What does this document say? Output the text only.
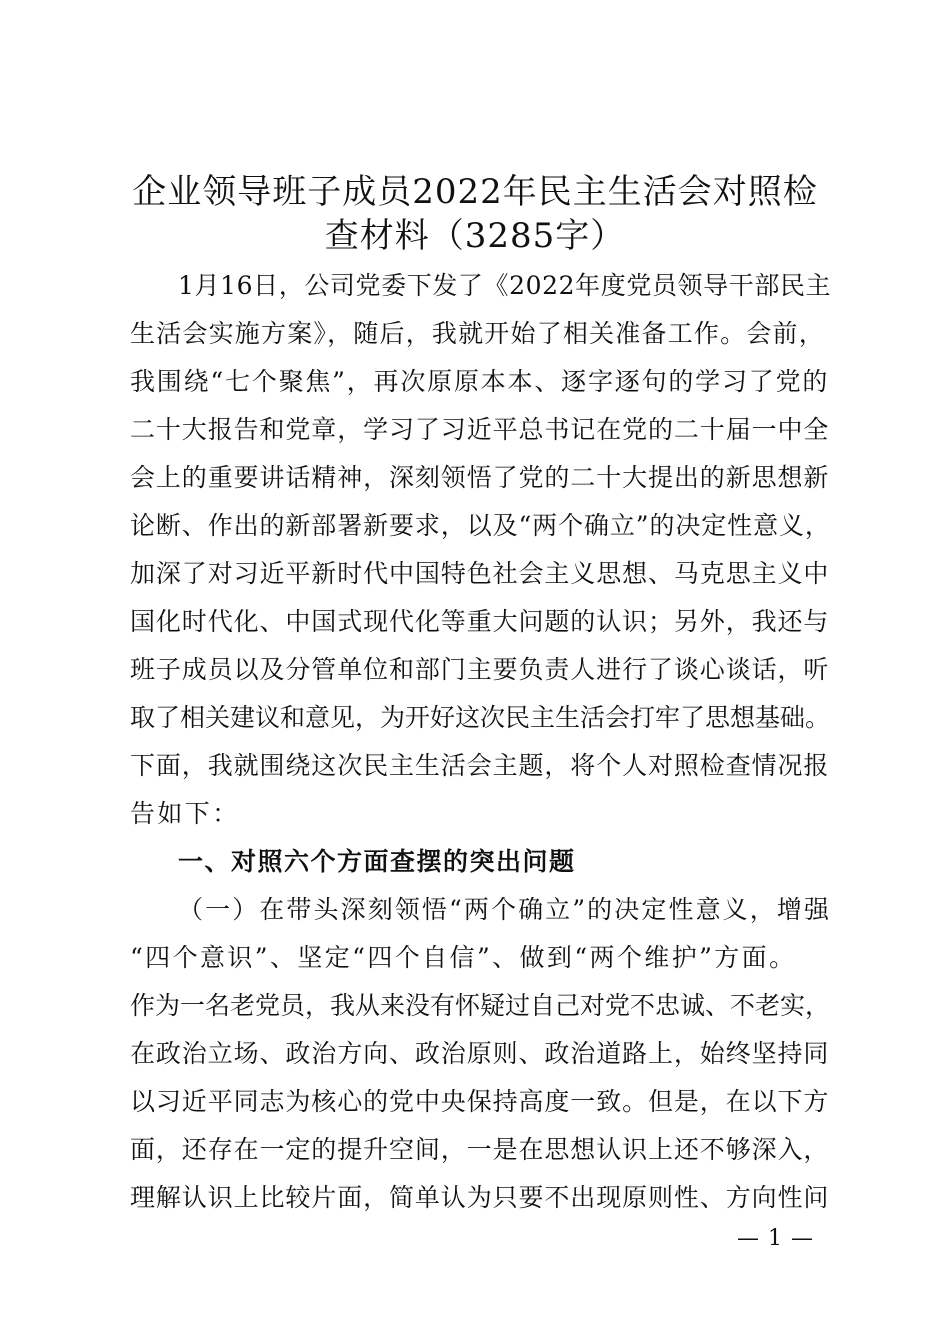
企业领导班子成员2022年民主生活会对照检
查材料（3285字）
1月16日，公司党委下发了《2022年度党员领导干部民主
生活会实施方案》，随后，我就开始了相关准备工作。会前，
我围绕“七个聚焦”，再次原原本本、逐字逐句的学习了党的
二十大报告和党章，学习了习近平总书记在党的二十届一中全
会上的重要讲话精神，深刻领悟了党的二十大提出的新思想新
论断、作出的新部署新要求，以及“两个确立”的决定性意义，
加深了对习近平新时代中国特色社会主义思想、马克思主义中
国化时代化、中国式现代化等重大问题的认识；另外，我还与
班子成员以及分管单位和部门主要负责人进行了谈心谈话，听
取了相关建议和意见，为开好这次民主生活会打牢了思想基础。
下面，我就围绕这次民主生活会主题，将个人对照检查情况报
告如下：
一、对照六个方面查摆的突出问题
（一）在带头深刻领悟“两个确立”的决定性意义，增强
“四个意识”、坚定“四个自信”、做到“两个维护”方面。
作为一名老党员，我从来没有怀疑过自己对党不忠诚、不老实，
在政治立场、政治方向、政治原则、政治道路上，始终坚持同
以习近平同志为核心的党中央保持高度一致。但是，在以下方
面，还存在一定的提升空间，一是在思想认识上还不够深入，
理解认识上比较片面，简单认为只要不出现原则性、方向性问
— 1 —
